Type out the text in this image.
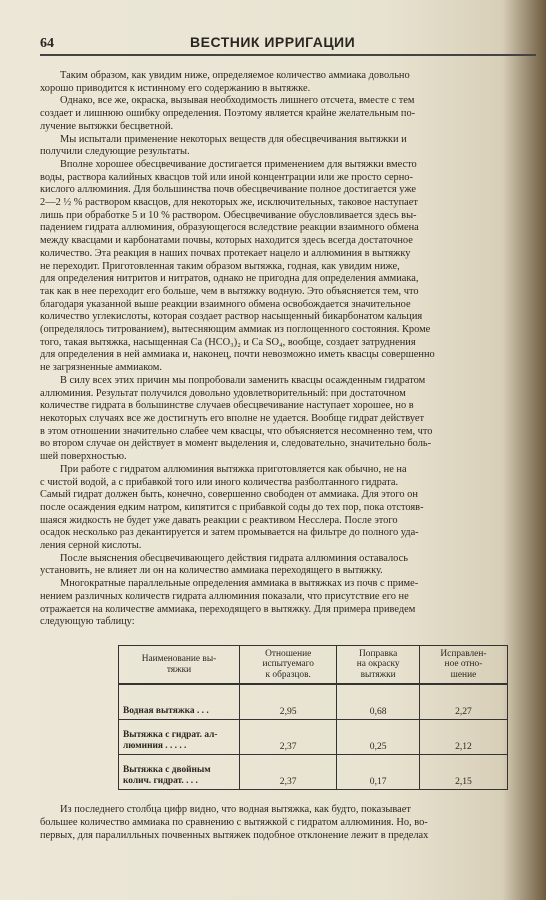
64	ВЕСТНИК ИРРИГАЦИИ

Таким образом, как увидим ниже, определяемое количество аммиака довольно

хорошо приводится к истинному его содержанию в вытяжке.

Однако, все же, окраска, вызывая необходимость лишнего отсчета, вместе с тем

создает и лишнюю ошибку определения. Поэтому является крайне желательным по-

лучение вытяжки бесцветной.

Мы испытали применение некоторых веществ для обесцвечивания вытяжки и

получили следующие результаты.

Вполне хорошее обесцвечивание достигается применением для вытяжки вместо

воды, раствора калийных квасцов той или иной концентрации или же просто серно-

кислого аллюминия. Для большинства почв обесцвечивание полное достигается уже

2—2 ½ % раствором квасцов, для некоторых же, исключительных, таковое наступает

лишь при обработке 5 и 10 % раствором. Обесцвечивание обусловливается здесь вы-

падением гидрата аллюминия, образующегося вследствие реакции взаимного обмена

между квасцами и карбонатами почвы, которых находится здесь всегда достаточное

количество. Эта реакция в наших почвах протекает нацело и аллюминия в вытяжку

не переходит. Приготовленная таким образом вытяжка, годная, как увидим ниже,

для определения нитритов и нитратов, однако не пригодна для определения аммиака,

так как в нее переходит его больше, чем в вытяжку водную. Это объясняется тем, что

благодаря указанной выше реакции взаимного обмена освобождается значительное

количество углекислоты, которая создает раствор насыщенный бикарбонатом кальция

(определялось титрованием), вытесняющим аммиак из поглощенного состояния. Кроме

того, такая вытяжка, насыщенная Ca (HCO₃)₂ и Ca SO₄, вообще, создает затруднения

для определения в ней аммиака и, наконец, почти невозможно иметь квасцы совершенно

не загрязненные аммиаком.

В силу всех этих причин мы попробовали заменить квасцы осажденным гидратом

аллюминия. Результат получился довольно удовлетворительный: при достаточном

количестве гидрата в большинстве случаев обесцвечивание наступает хорошее, но в

некоторых случаях все же достигнуть его вполне не удается. Вообще гидрат действует

в этом отношении значительно слабее чем квасцы, что объясняется несомненно тем, что

во втором случае он действует в момент выделения и, следовательно, значительно боль-

шей поверхностью.

При работе с гидратом аллюминия вытяжка приготовляется как обычно, не на

с чистой водой, а с прибавкой того или иного количества разболтанного гидрата.

Самый гидрат должен быть, конечно, совершенно свободен от аммиака. Для этого он

после осаждения едким натром, кипятится с прибавкой соды до тех пор, пока отстояв-

шаяся жидкость не будет уже давать реакции с реактивом Несслера. После этого

осадок несколько раз декантируется и затем промывается на фильтре до полного уда-

ления серной кислоты.

После выяснения обесцвечивающего действия гидрата аллюминия оставалось

установить, не влияет ли он на количество аммиака переходящего в вытяжку.

Многократные параллельные определения аммиака в вытяжках из почв с приме-

нением различных количеств гидрата аллюминия показали, что присутствие его не

отражается на количестве аммиака, переходящего в вытяжку. Для примера приведем

следующую таблицу:

Наименование вы-
тяжки	Отношение
испытуемаго
к образцов.	Поправка
на окраску
вытяжки	Исправлен-
ное отно-
шение
Водная вытяжка . . .	2,95	0,68	2,27
Вытяжка с гидрат. ал-
люминия . . . . .	2,37	0,25	2,12
Вытяжка с двойным
колич. гидрат. . . .	2,37	0,17	2,15

Из последнего столбца цифр видно, что водная вытяжка, как будто, показывает

большее количество аммиака по сравнению с вытяжкой с гидратом аллюминия. Но, во-

первых, для паралилльных почвенных вытяжек подобное отклонение лежит в пределах
